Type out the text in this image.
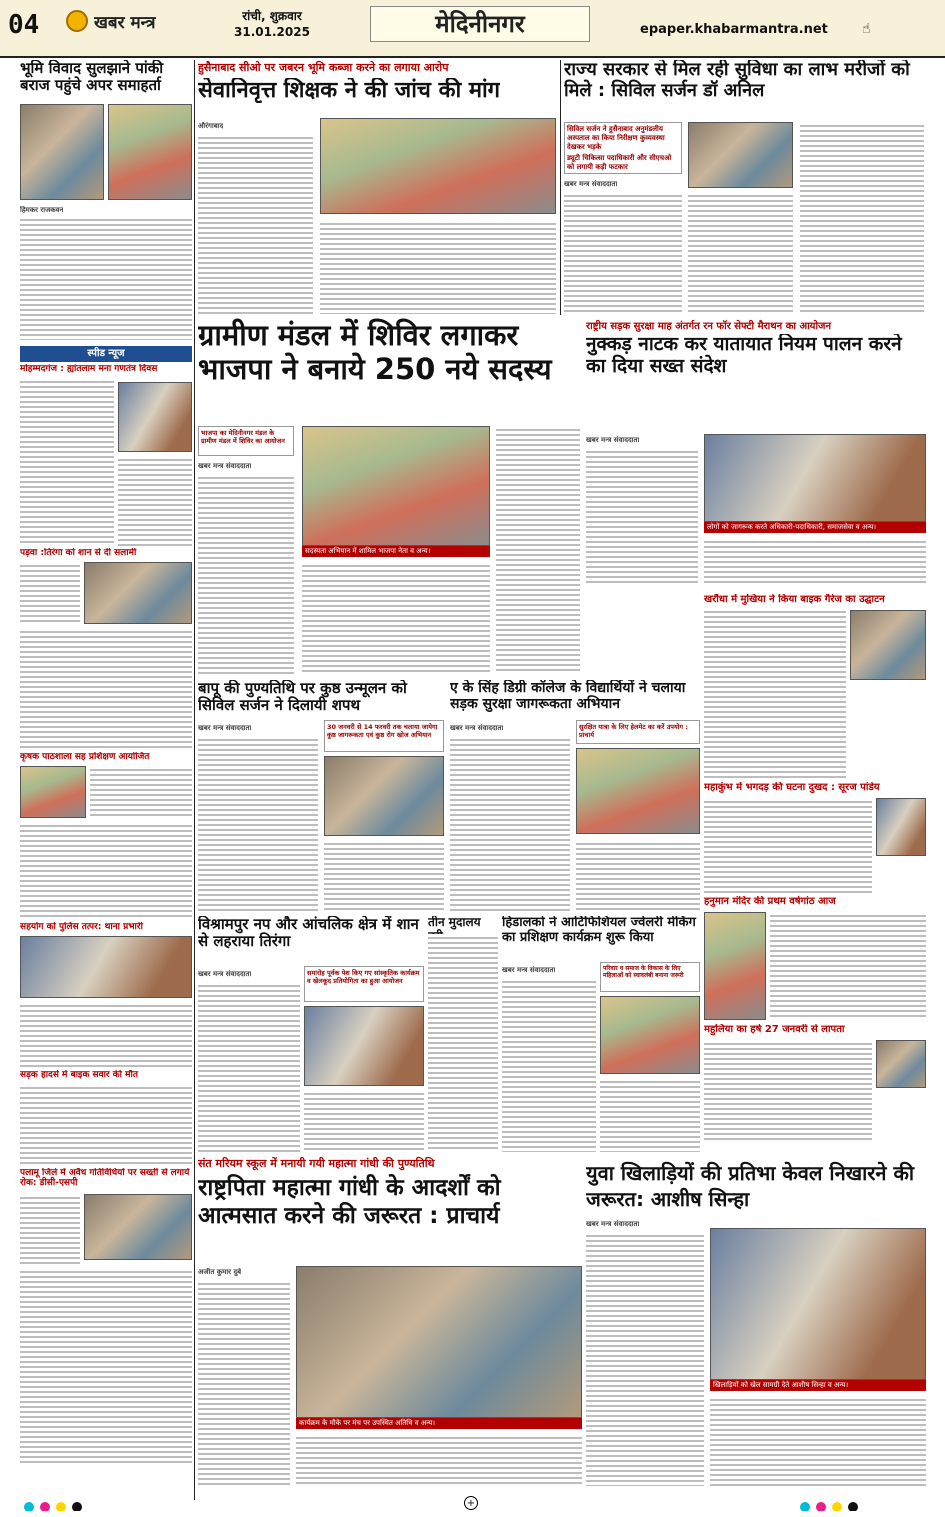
04	खबर मन्त्र	रांची, शुक्रवार
31.01.2025	मेदिनीनगर	epaper.khabarmantra.net ☝
भूमि विवाद सुलझाने पांकी बराज पहुंचे अपर समाहर्ता
हिमकर राजकवन
हुसैनाबाद सीओ पर जबरन भूमि कब्जा करने का लगाया आरोप
सेवानिवृत्त शिक्षक ने की जांच की मांग
औरंगाबाद
राज्य सरकार से मिल रही सुविधा का लाभ मरीजों को मिले : सिविल सर्जन डॉ अनिल
सिविल सर्जन ने हुसैनाबाद अनुमंडलीय अस्पताल का किया निरीक्षण कुव्यवस्था देखकर भड़के
ड्यूटी चिकित्सा पदाधिकारी और सीएचओ को लगायी कड़ी फटकार
खबर मन्त्र संवाददाता
स्पीड न्यूज
मोहम्मदगंज : ह्यांतलाम मना गणतंत्र दिवस
पड़वा :तिरंगा को शान से दी सलामी
कृषक पाठशाला सह प्रशिक्षण आयोजित
सहयोग को पुलिस तत्पर: थाना प्रभारी
सड़क हादसे में बाइक सवार की मौत
पलामू जिले में अवैध गतिविधियों पर सख्ती से लगायें रोक: डीसी-एसपी
ग्रामीण मंडल में शिविर लगाकर भाजपा ने बनाये 250 नये सदस्य
भाजपा का मेदिनीनगर मंडल के ग्रामीण मंडल में शिविर का आयोजन
खबर मन्त्र संवाददाता
सदस्यता अभियान में शामिल भाजपा नेता व अन्य।
राष्ट्रीय सड़क सुरक्षा माह अंतर्गत रन फॉर सेफ्टी मैराथन का आयोजन
नुक्कड़ नाटक कर यातायात नियम पालन करने का दिया सख्त संदेश
खबर मन्त्र संवाददाता
लोगों को जागरूक करते अधिकारी-पदाधिकारी, समाजसेवा व अन्य।
बापू की पुण्यतिथि पर कुष्ठ उन्मूलन को सिविल सर्जन ने दिलायी शपथ
खबर मन्त्र संवाददाता	30 जनवरी से 14 फरवरी तक चलाया जायेगा कुष्ठ जागरूकता एवं कुष्ठ रोग खोज अभियान
ए के सिंह डिग्री कॉलेज के विद्यार्थियों ने चलाया सड़क सुरक्षा जागरूकता अभियान
खबर मन्त्र संवाददाता	सुरक्षित यात्रा के लिए हेलमेट का करें उपयोग : प्राचार्य
खरौंधा में मुखिया ने किया बाइक गैरेज का उद्घाटन
महाकुंभ में भगदड़ की घटना दुखद : सूरज पांडेय
हनुमान मंदिर की प्रथम वर्षगांठ आज
महुलिया का हर्ष 27 जनवरी से लापता
विश्रामपुर नप और आंचलिक क्षेत्र में शान से लहराया तिरंगा
खबर मन्त्र संवाददाता	समारोह पूर्वक पेश किए गए सांस्कृतिक कार्यक्रम व खेलकूद प्रतियोगिता का हुआ आयोजन
तीन मुदालय	हिडालको ने आर्टिफिशियल ज्वेलरी मेकिंग का प्रशिक्षण कार्यक्रम शुरू किया
खबर मन्त्र संवाददाता	परिवार व समाज के विकास के लिए महिलाओं को स्वावलंबी बनाना जरूरी
संत मरियम स्कूल में मनायी गयी महात्मा गांधी की पुण्यतिथि
राष्ट्रपिता महात्मा गांधी के आदर्शों को आत्मसात करने की जरूरत : प्राचार्य
अजीत कुमार दुबे
कार्यक्रम के मौके पर मंच पर उपस्थित अतिथि व अन्य।
युवा खिलाड़ियों की प्रतिभा केवल निखारने की जरूरत: आशीष सिन्हा
खबर मन्त्र संवाददाता
खिलाड़ियों को खेल सामग्री देते आशीष सिन्हा व अन्य।
+
